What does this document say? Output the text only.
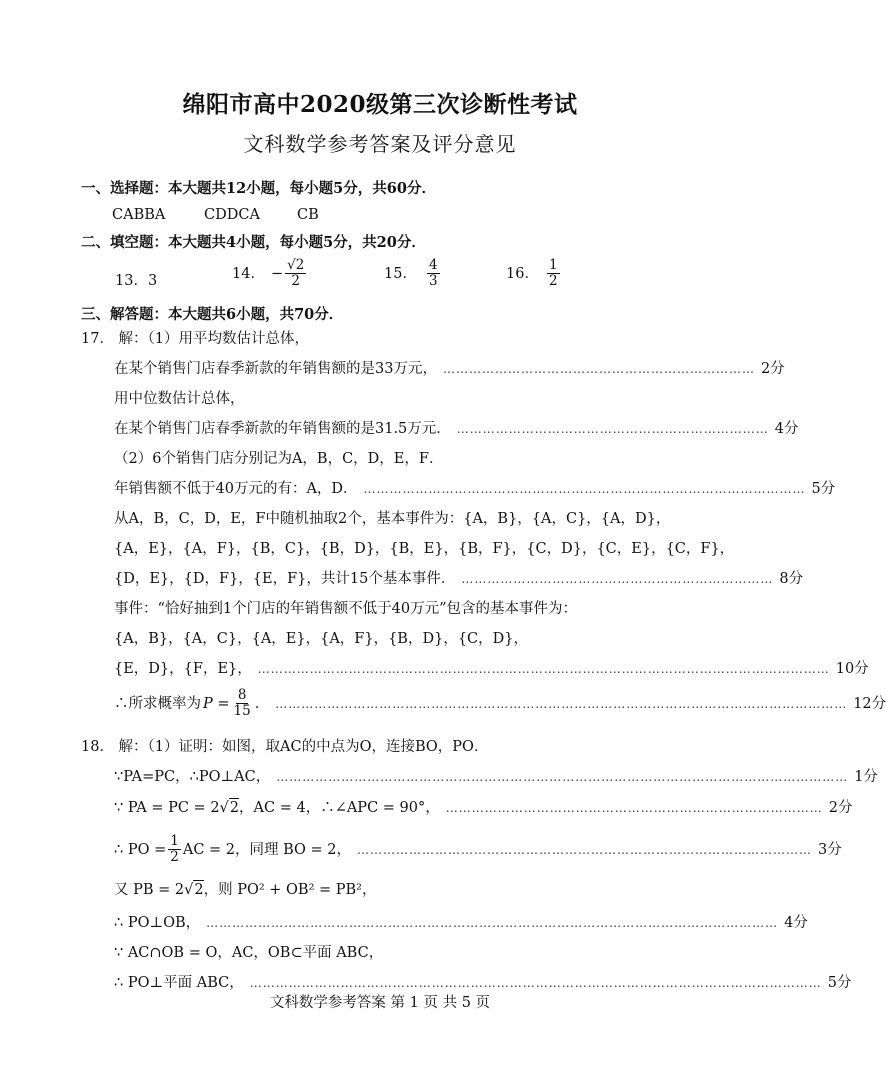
绵阳市高中2020级第三次诊断性考试
文科数学参考答案及评分意见
一、选择题：本大题共12小题，每小题5分，共60分．
CABBA	CDDCA	CB
二、填空题：本大题共4小题，每小题5分，共20分．
13．3	14． − $\frac{√2}{2}$	15． $\frac{4}{3}$	16． $\frac{1}{2}$
三、解答题：本大题共6小题，共70分．
17． 解：（1）用平均数估计总体，
在某个销售门店春季新款的年销售额的是33万元， ……………………………………………………………… 2分
用中位数估计总体，
在某个销售门店春季新款的年销售额的是31.5万元． ……………………………………………………………… 4分
（2）6个销售门店分别记为A，B，C，D，E，F．
年销售额不低于40万元的有：A，D． ………………………………………………………………………………………… 5分
从A，B，C，D，E，F中随机抽取2个，基本事件为：{A，B}，{A，C}，{A，D}，
{A，E}，{A，F}，{B，C}，{B，D}，{B，E}，{B，F}，{C，D}，{C，E}，{C，F}，
{D，E}，{D，F}，{E，F}，共计15个基本事件． ……………………………………………………………… 8分
事件：“恰好抽到1个门店的年销售额不低于40万元”包含的基本事件为：
{A，B}，{A，C}，{A，E}，{A，F}，{B，D}，{C，D}，
{E，D}，{F，E}， …………………………………………………………………………………………………………………… 10分
∴所求概率为 $P = \frac{8}{15}$ ． …………………………………………………………………………………………………………………… 12分
18． 解：（1）证明：如图，取AC的中点为O，连接BO，PO．
∵PA=PC，∴PO⊥AC， …………………………………………………………………………………………………………………… 1分
∵ PA = PC = 2 √ 2 ，AC = 4，∴∠APC = 90°， …………………………………………………………………………… 2分
∴ PO = $\frac{1}{2}$ AC = 2，同理 BO = 2， …………………………………………………………………………………………… 3分
又 PB = 2√2，则 PO² + OB² = PB²，
∴ PO⊥OB， …………………………………………………………………………………………………………………… 4分
∵ AC∩OB = O，AC，OB⊂平面 ABC，
∴ PO⊥平面 ABC， …………………………………………………………………………………………………………………… 5分
文科数学参考答案 第 1 页 共 5 页
